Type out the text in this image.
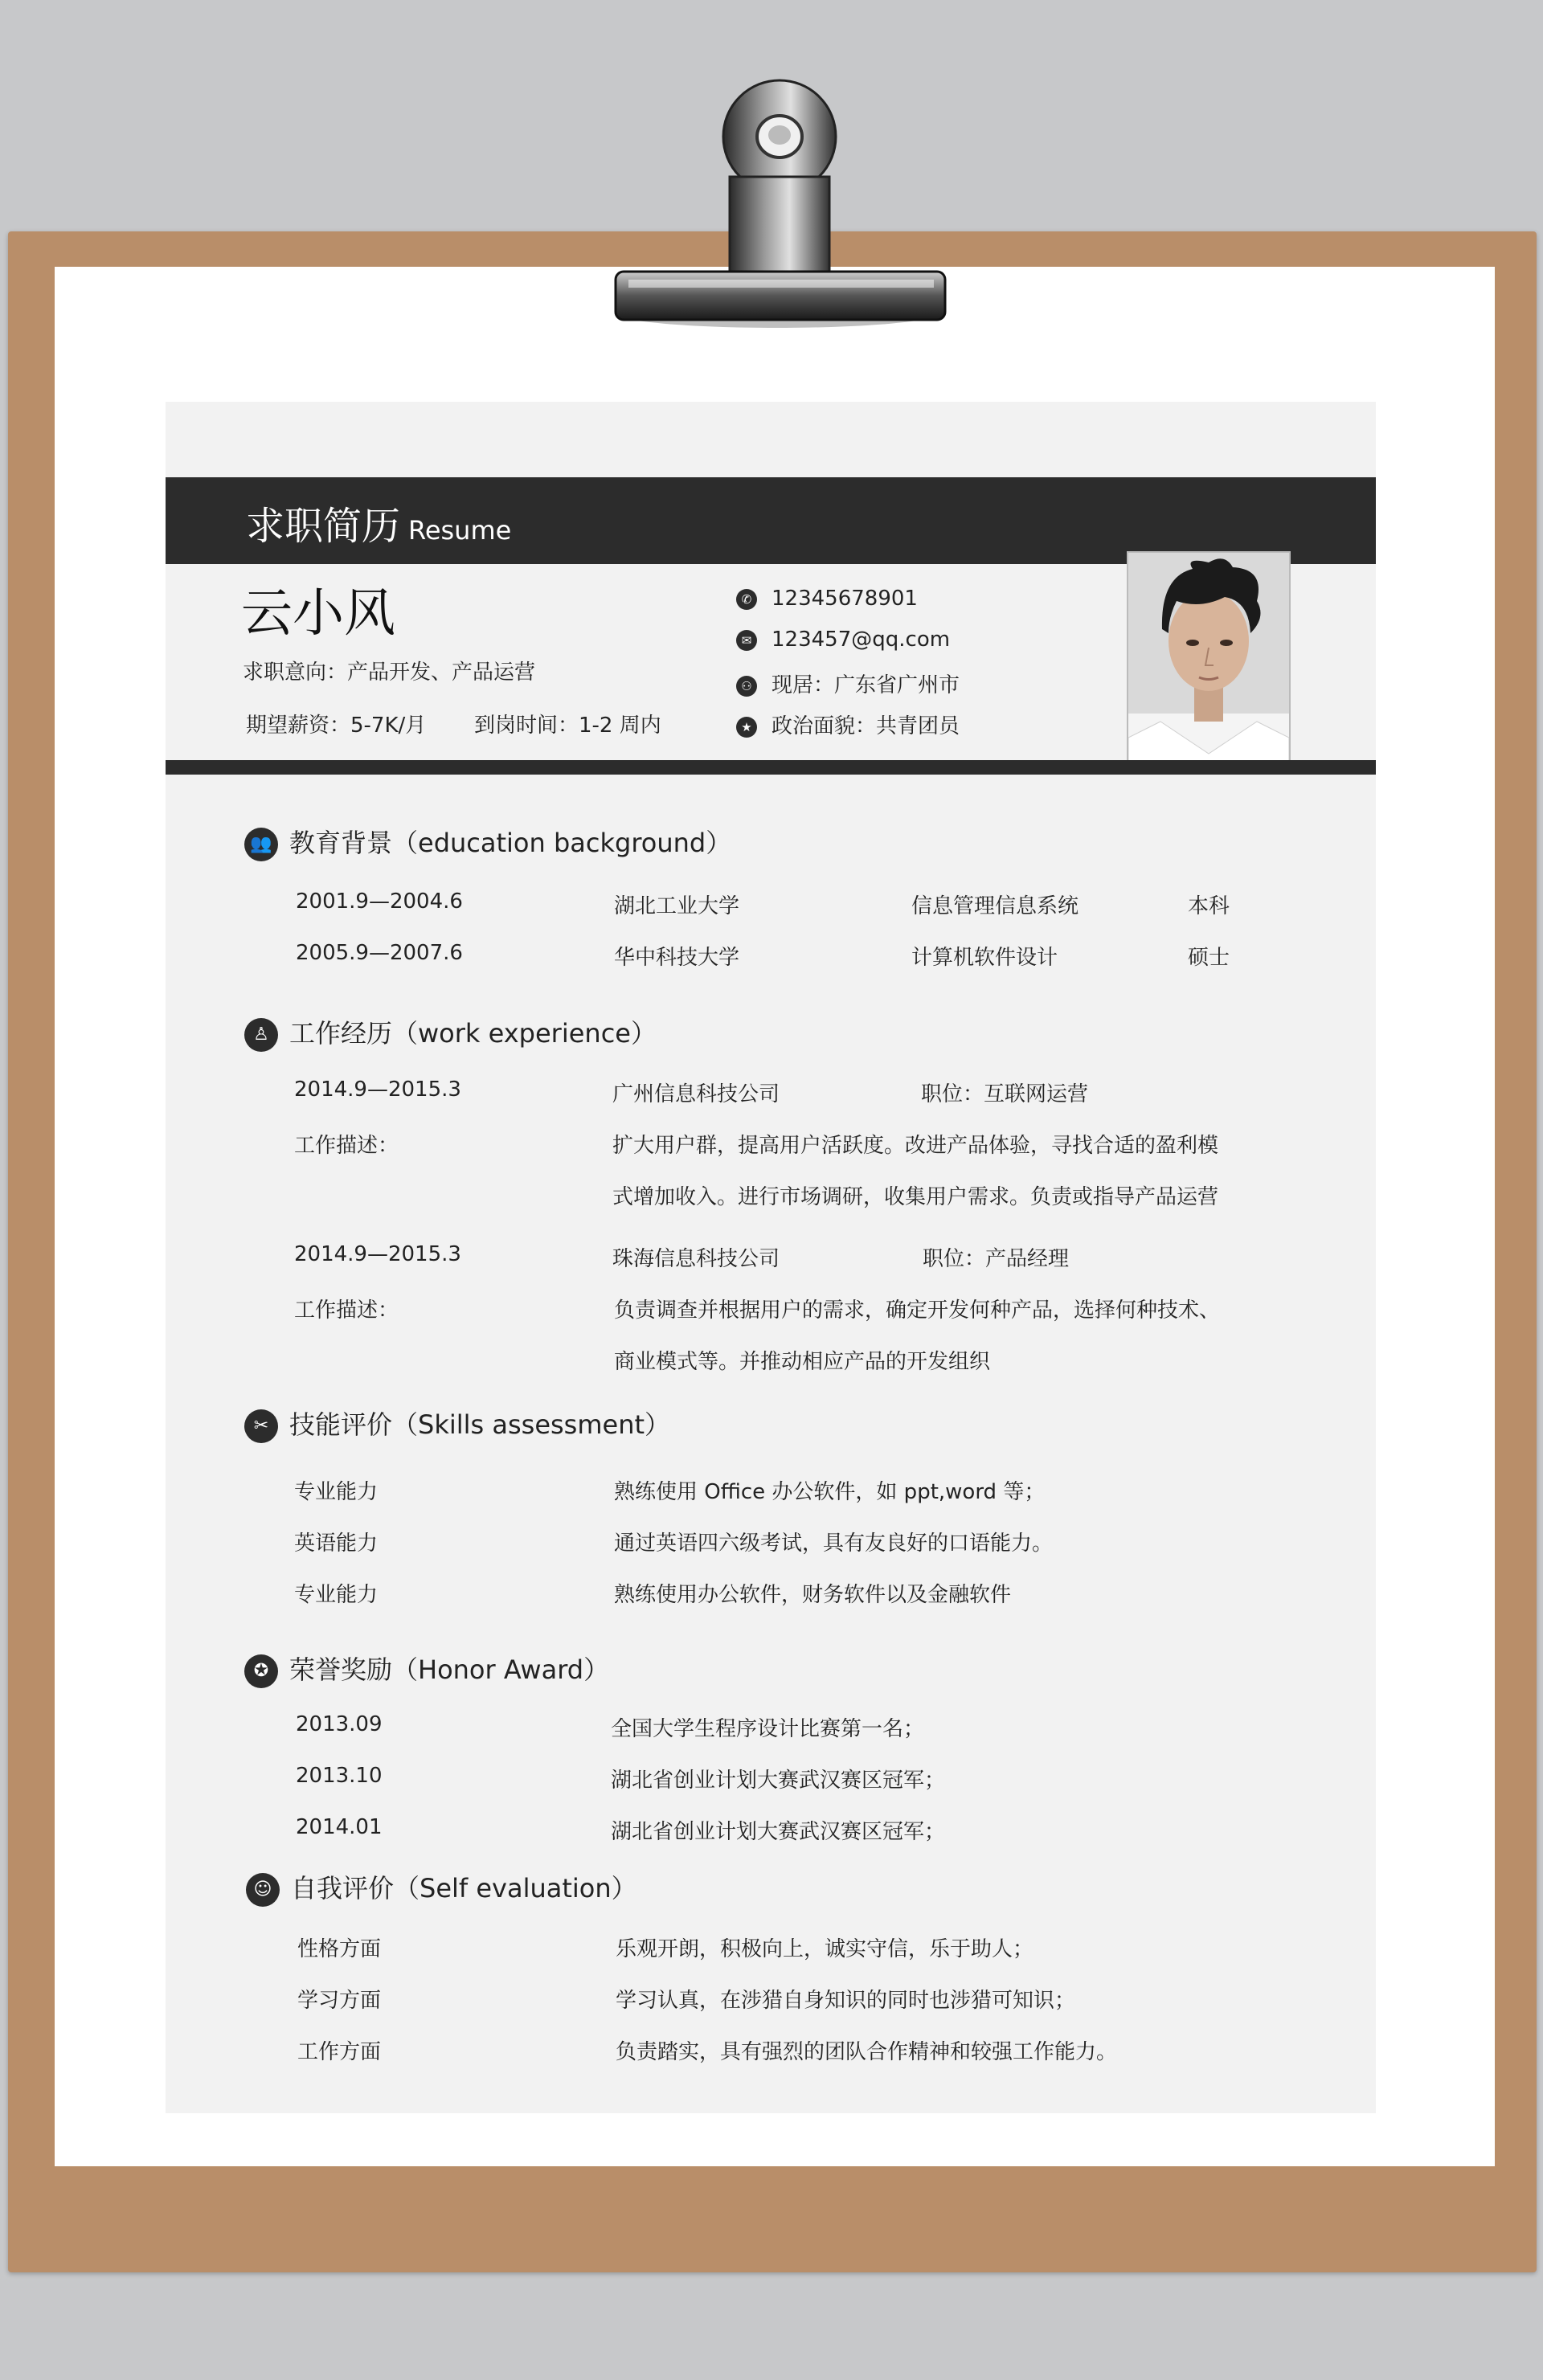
求职简历 Resume
云小风
求职意向：产品开发、产品运营
期望薪资：5-7K/月 到岗时间：1-2 周内
✆ 12345678901
✉ 123457@qq.com
⚇ 现居：广东省广州市
★ 政治面貌：共青团员
👥 教育背景（education background）
2001.9—2004.6	湖北工业大学	信息管理信息系统	本科
2005.9—2007.6	华中科技大学	计算机软件设计	硕士
♙ 工作经历（work experience）
2014.9—2015.3	广州信息科技公司	职位：互联网运营
工作描述：	扩大用户群，提高用户活跃度。改进产品体验，寻找合适的盈利模
式增加收入。进行市场调研，收集用户需求。负责或指导产品运营
2014.9—2015.3	珠海信息科技公司	职位：产品经理
工作描述：	负责调查并根据用户的需求，确定开发何种产品，选择何种技术、
商业模式等。并推动相应产品的开发组织
✂ 技能评价（Skills assessment）
专业能力	熟练使用 Office 办公软件，如 ppt,word 等；
英语能力	通过英语四六级考试，具有友良好的口语能力。
专业能力	熟练使用办公软件，财务软件以及金融软件
✪ 荣誉奖励（Honor Award）
2013.09	全国大学生程序设计比赛第一名；
2013.10	湖北省创业计划大赛武汉赛区冠军；
2014.01	湖北省创业计划大赛武汉赛区冠军；
☺ 自我评价（Self evaluation）
性格方面	乐观开朗，积极向上，诚实守信，乐于助人；
学习方面	学习认真，在涉猎自身知识的同时也涉猎可知识；
工作方面	负责踏实，具有强烈的团队合作精神和较强工作能力。
